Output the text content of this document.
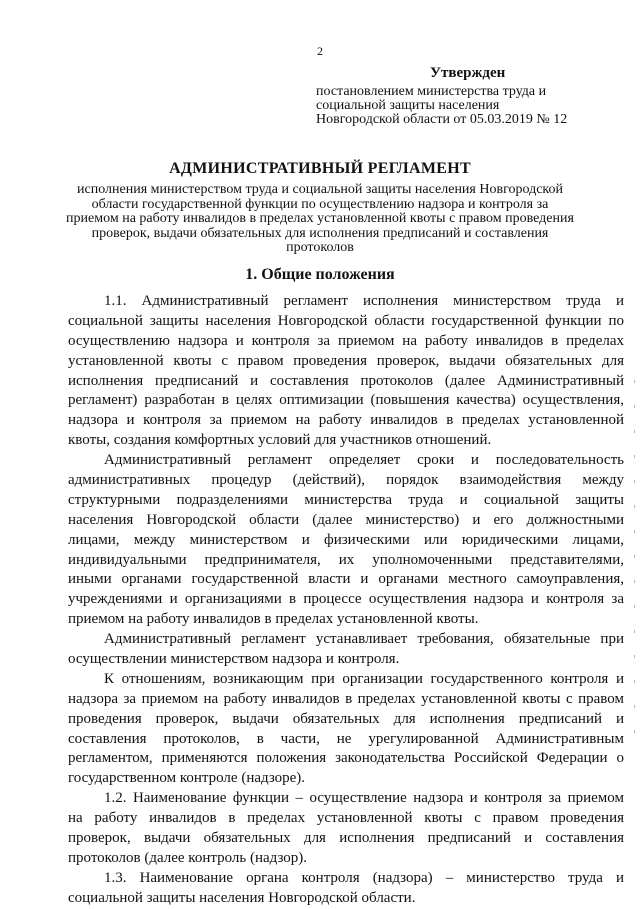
2
Утвержден
постановлением министерства труда и
социальной защиты населения
Новгородской области от 05.03.2019 № 12
АДМИНИСТРАТИВНЫЙ РЕГЛАМЕНТ
исполнения министерством труда и социальной защиты населения Новгородской
области государственной функции по осуществлению надзора и контроля за
приемом на работу инвалидов в пределах установленной квоты с правом проведения
проверок, выдачи обязательных для исполнения предписаний и составления
протоколов
1. Общие положения
1.1. Административный регламент исполнения министерством труда и
социальной защиты населения Новгородской области государственной функции по
осуществлению надзора и контроля за приемом на работу инвалидов в пределах
установленной квоты с правом проведения проверок, выдачи обязательных для
исполнения предписаний и составления протоколов (далее Административный
регламент) разработан в целях оптимизации (повышения качества) осуществления,
надзора и контроля за приемом на работу инвалидов в пределах установленной
квоты, создания комфортных условий для участников отношений.
Административный регламент определяет сроки и последовательность
административных процедур (действий), порядок взаимодействия между
структурными подразделениями министерства труда и социальной защиты
населения Новгородской области (далее министерство) и его должностными
лицами, между министерством и физическими или юридическими лицами,
индивидуальными предпринимателя, их уполномоченными представителями,
иными органами государственной власти и органами местного самоуправления,
учреждениями и организациями в процессе осуществления надзора и контроля за
приемом на работу инвалидов в пределах установленной квоты.
Административный регламент устанавливает требования, обязательные при
осуществлении министерством надзора и контроля.
К отношениям, возникающим при организации государственного контроля и
надзора за приемом на работу инвалидов в пределах установленной квоты с правом
проведения проверок, выдачи обязательных для исполнения предписаний и
составления протоколов, в части, не урегулированной Административным
регламентом, применяются положения законодательства Российской Федерации о
государственном контроле (надзоре).
1.2. Наименование функции – осуществление надзора и контроля за приемом
на работу инвалидов в пределах установленной квоты с правом проведения
проверок, выдачи обязательных для исполнения предписаний и составления
протоколов (далее контроль (надзор).
1.3. Наименование органа контроля (надзора) – министерство труда и
социальной защиты населения Новгородской области.
